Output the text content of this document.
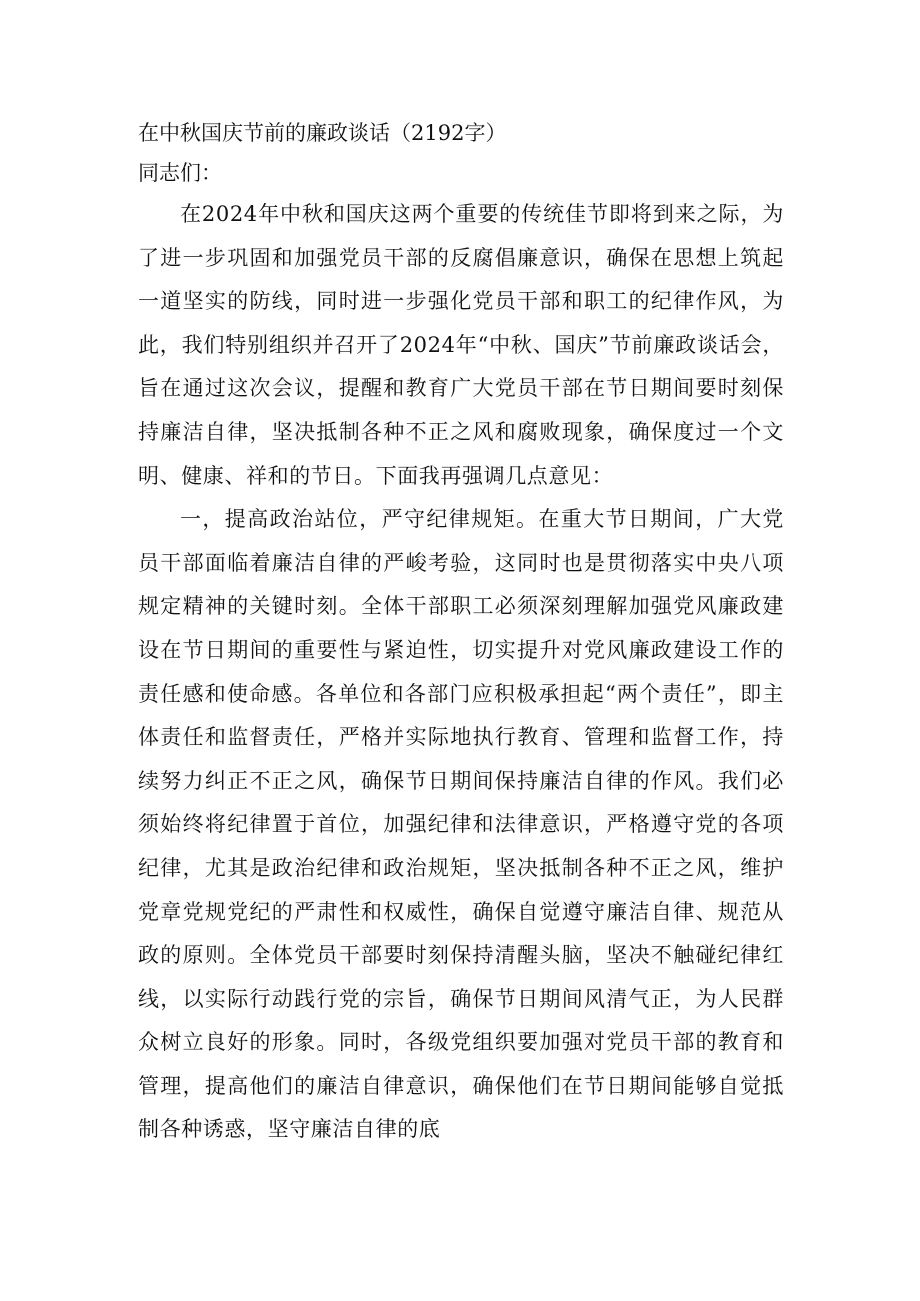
在中秋国庆节前的廉政谈话（2192字）

同志们：

在2024年中秋和国庆这两个重要的传统佳节即将到来之际，为了进一步巩固和加强党员干部的反腐倡廉意识，确保在思想上筑起一道坚实的防线，同时进一步强化党员干部和职工的纪律作风，为此，我们特别组织并召开了2024年“中秋、国庆”节前廉政谈话会，旨在通过这次会议，提醒和教育广大党员干部在节日期间要时刻保持廉洁自律，坚决抵制各种不正之风和腐败现象，确保度过一个文明、健康、祥和的节日。下面我再强调几点意见：

一，提高政治站位，严守纪律规矩。在重大节日期间，广大党员干部面临着廉洁自律的严峻考验，这同时也是贯彻落实中央八项规定精神的关键时刻。全体干部职工必须深刻理解加强党风廉政建设在节日期间的重要性与紧迫性，切实提升对党风廉政建设工作的责任感和使命感。各单位和各部门应积极承担起“两个责任”，即主体责任和监督责任，严格并实际地执行教育、管理和监督工作，持续努力纠正不正之风，确保节日期间保持廉洁自律的作风。我们必须始终将纪律置于首位，加强纪律和法律意识，严格遵守党的各项纪律，尤其是政治纪律和政治规矩，坚决抵制各种不正之风，维护党章党规党纪的严肃性和权威性，确保自觉遵守廉洁自律、规范从政的原则。全体党员干部要时刻保持清醒头脑，坚决不触碰纪律红线，以实际行动践行党的宗旨，确保节日期间风清气正，为人民群众树立良好的形象。同时，各级党组织要加强对党员干部的教育和管理，提高他们的廉洁自律意识，确保他们在节日期间能够自觉抵制各种诱惑，坚守廉洁自律的底
